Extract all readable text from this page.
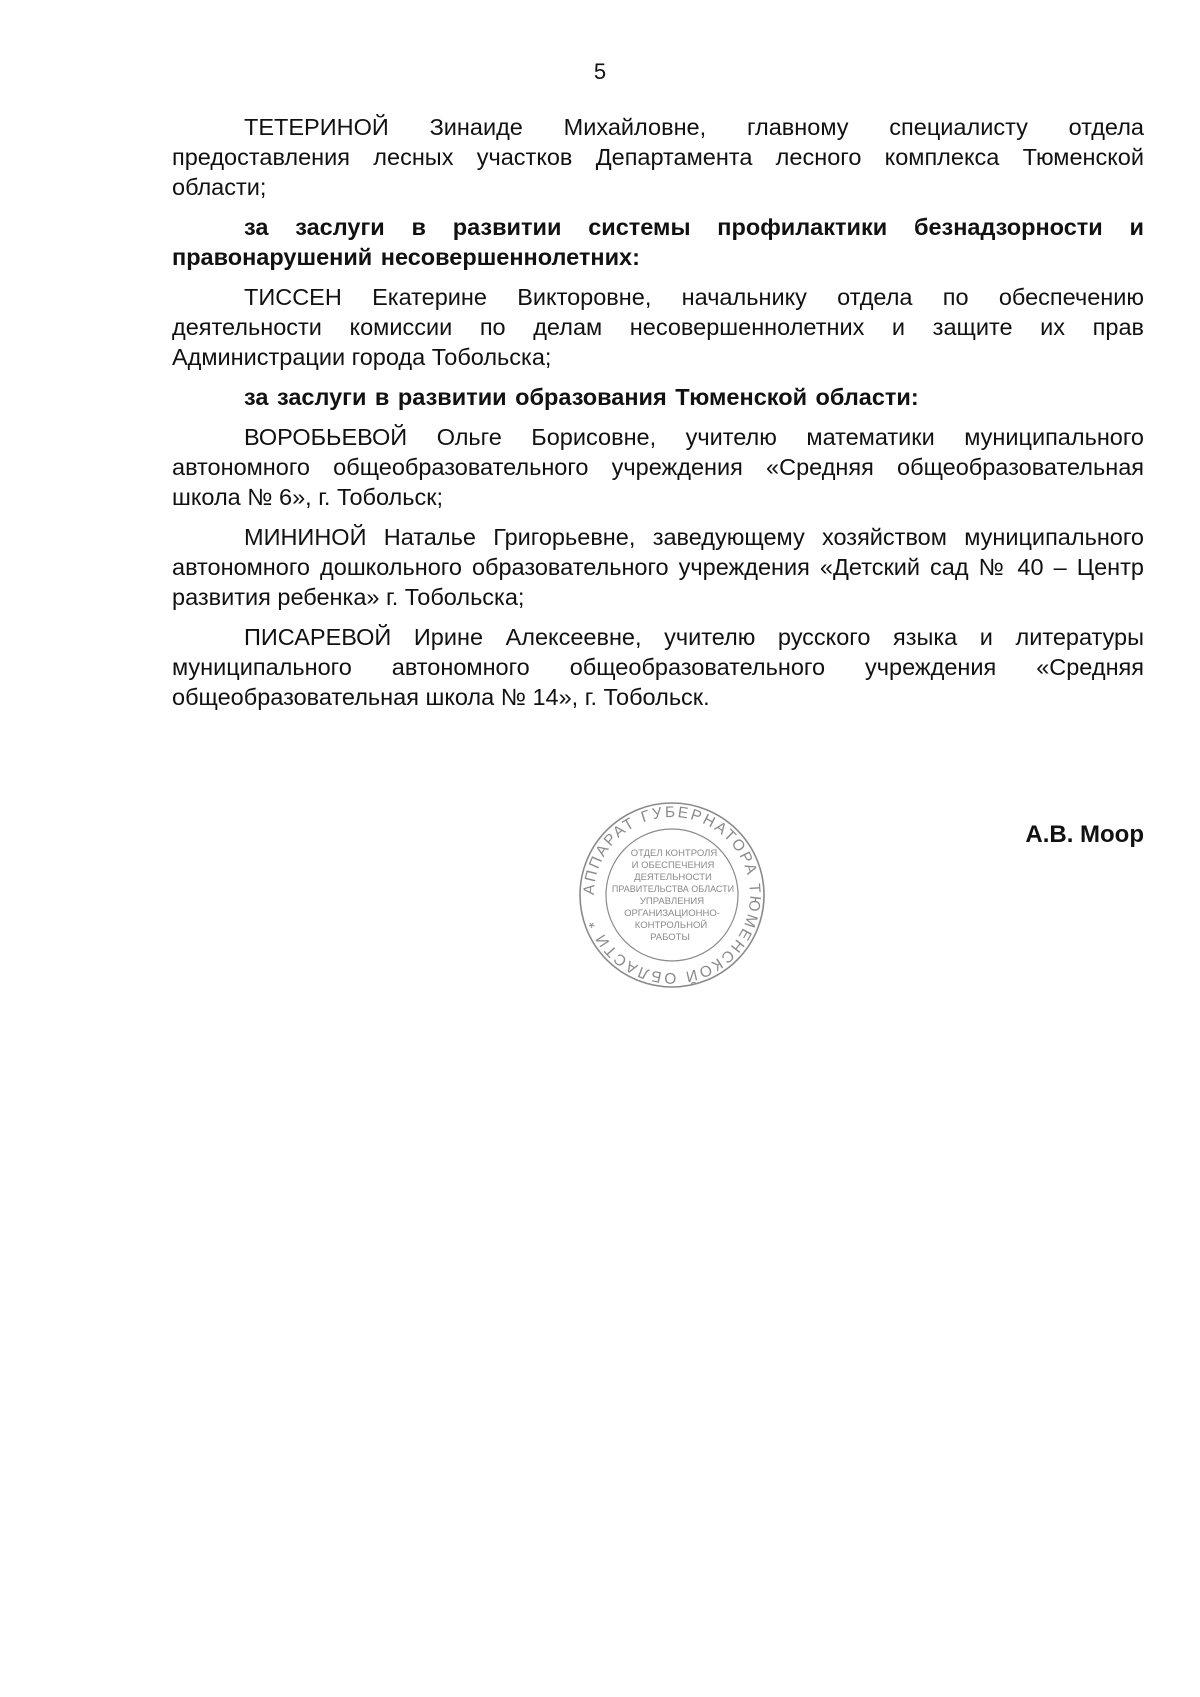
5

ТЕТЕРИНОЙ Зинаиде Михайловне, главному специалисту отдела предоставления лесных участков Департамента лесного комплекса Тюменской области;

за заслуги в развитии системы профилактики безнадзорности и правонарушений несовершеннолетних:

ТИССЕН Екатерине Викторовне, начальнику отдела по обеспечению деятельности комиссии по делам несовершеннолетних и защите их прав Администрации города Тобольска;

за заслуги в развитии образования Тюменской области:

ВОРОБЬЕВОЙ Ольге Борисовне, учителю математики муниципального автономного общеобразовательного учреждения «Средняя общеобразовательная школа № 6», г. Тобольск;

МИНИНОЙ Наталье Григорьевне, заведующему хозяйством муниципального автономного дошкольного образовательного учреждения «Детский сад № 40 – Центр развития ребенка» г. Тобольска;

ПИСАРЕВОЙ Ирине Алексеевне, учителю русского языка и литературы муниципального автономного общеобразовательного учреждения «Средняя общеобразовательная школа № 14», г. Тобольск.

АППАРАТ ГУБЕРНАТОРА ТЮМЕНСКОЙ ОБЛАСТИ *
ОТДЕЛ КОНТРОЛЯ
И ОБЕСПЕЧЕНИЯ
ДЕЯТЕЛЬНОСТИ
ПРАВИТЕЛЬСТВА ОБЛАСТИ
УПРАВЛЕНИЯ
ОРГАНИЗАЦИОННО-
КОНТРОЛЬНОЙ
РАБОТЫ
А.В. Моор
